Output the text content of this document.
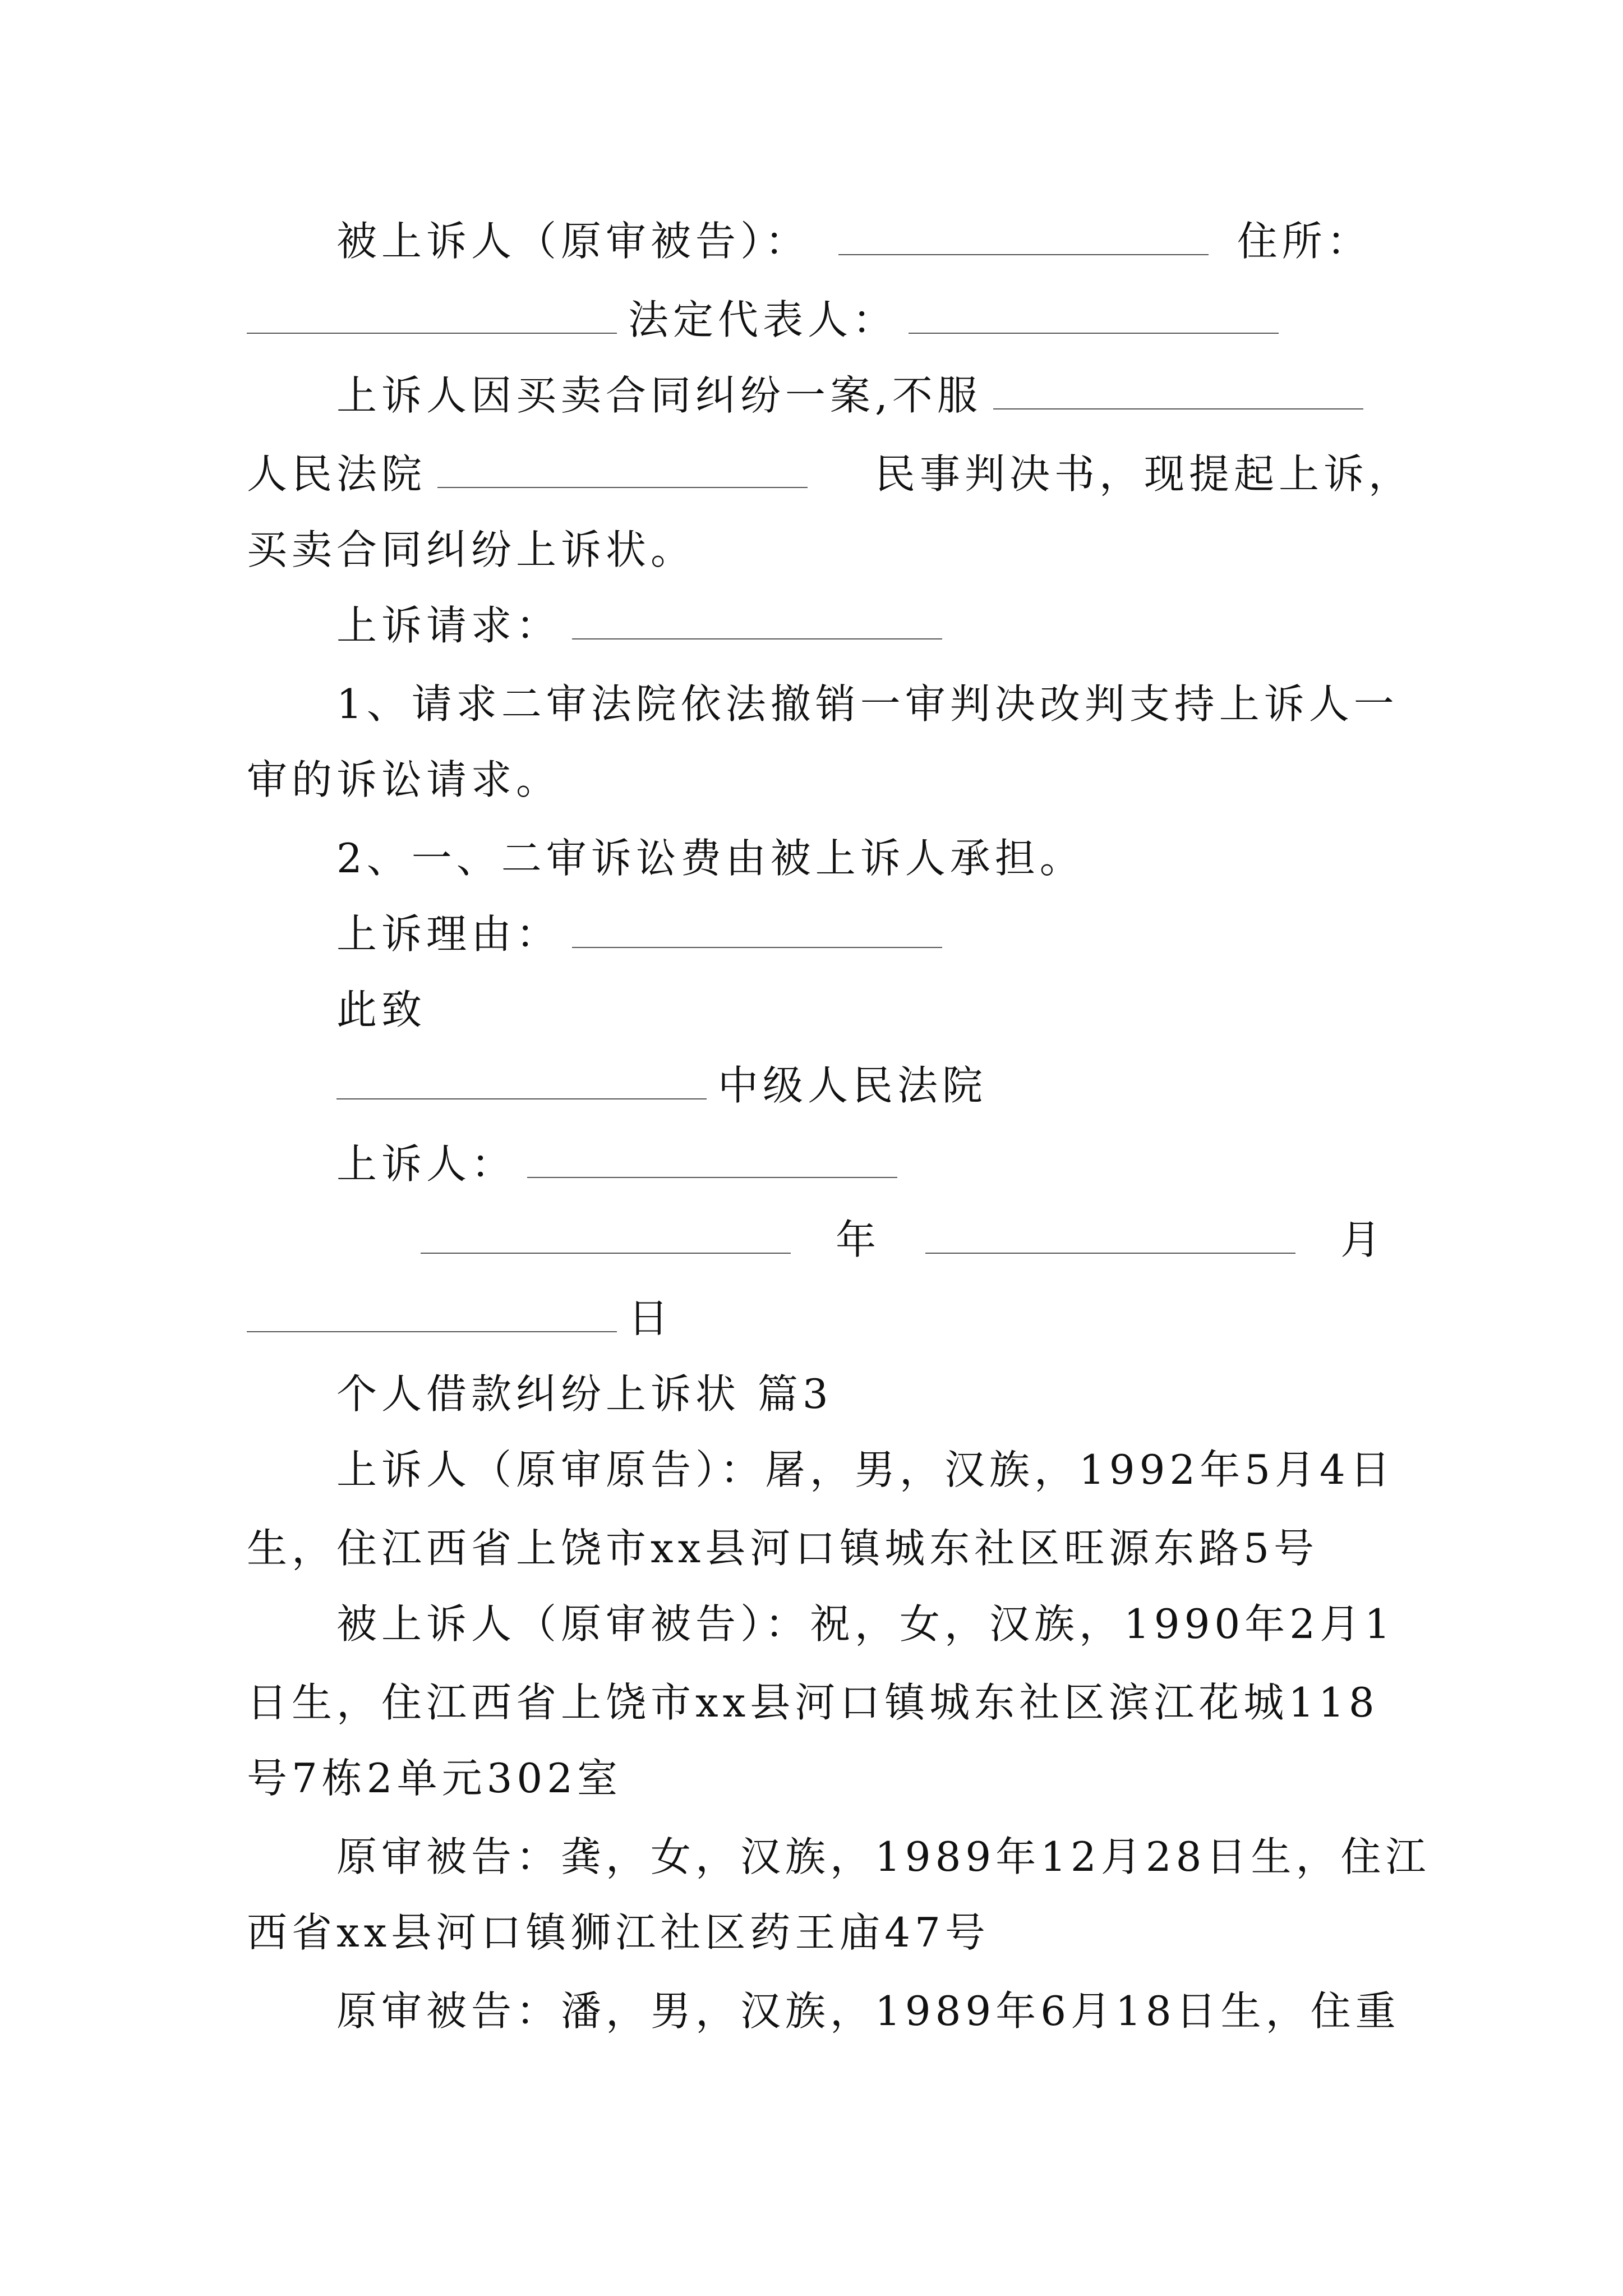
被上诉人（原审被告）：	住所：
法定代表人：
上诉人因买卖合同纠纷一案,不服
人民法院	民事判决书，现提起上诉，
买卖合同纠纷上诉状。
上诉请求：
1、请求二审法院依法撤销一审判决改判支持上诉人一
审的诉讼请求。
2、一、二审诉讼费由被上诉人承担。
上诉理由：
此致
中级人民法院
上诉人：
年	月
日
个人借款纠纷上诉状 篇3
上诉人（原审原告）：屠，男，汉族，1992年5月4日
生，住江西省上饶市xx县河口镇城东社区旺源东路5号
被上诉人（原审被告）：祝，女，汉族，1990年2月1
日生，住江西省上饶市xx县河口镇城东社区滨江花城118
号7栋2单元302室
原审被告：龚，女，汉族，1989年12月28日生，住江
西省xx县河口镇狮江社区药王庙47号
原审被告：潘，男，汉族，1989年6月18日生，住重
